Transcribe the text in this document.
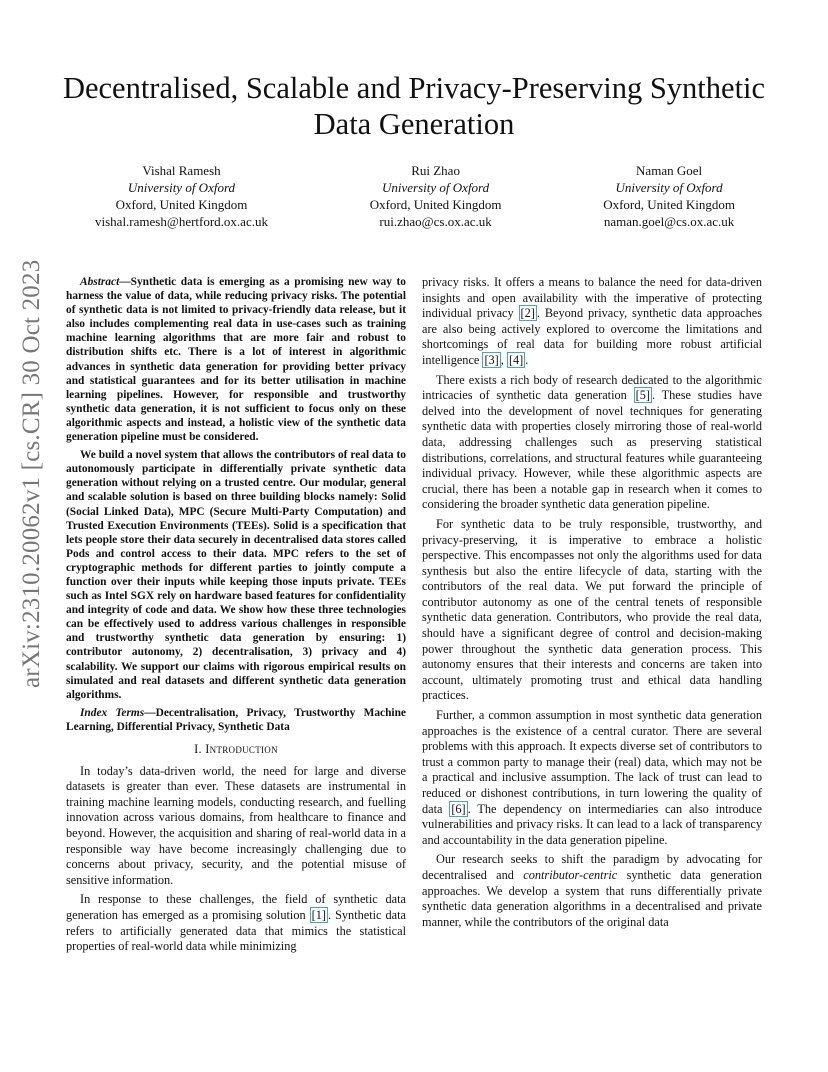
arXiv:2310.20062v1 [cs.CR] 30 Oct 2023
Decentralised, Scalable and Privacy-Preserving Synthetic Data Generation
Vishal Ramesh
University of Oxford
Oxford, United Kingdom
vishal.ramesh@hertford.ox.ac.uk
Rui Zhao
University of Oxford
Oxford, United Kingdom
rui.zhao@cs.ox.ac.uk
Naman Goel
University of Oxford
Oxford, United Kingdom
naman.goel@cs.ox.ac.uk

Abstract—Synthetic data is emerging as a promising new way to harness the value of data, while reducing privacy risks. The potential of synthetic data is not limited to privacy-friendly data release, but it also includes complementing real data in use-cases such as training machine learning algorithms that are more fair and robust to distribution shifts etc. There is a lot of interest in algorithmic advances in synthetic data generation for providing better privacy and statistical guarantees and for its better utilisation in machine learning pipelines. However, for responsible and trustworthy synthetic data generation, it is not sufficient to focus only on these algorithmic aspects and instead, a holistic view of the synthetic data generation pipeline must be considered.

We build a novel system that allows the contributors of real data to autonomously participate in differentially private synthetic data generation without relying on a trusted centre. Our modular, general and scalable solution is based on three building blocks namely: Solid (Social Linked Data), MPC (Secure Multi-Party Computation) and Trusted Execution Environments (TEEs). Solid is a specification that lets people store their data securely in decentralised data stores called Pods and control access to their data. MPC refers to the set of cryptographic methods for different parties to jointly compute a function over their inputs while keeping those inputs private. TEEs such as Intel SGX rely on hardware based features for confidentiality and integrity of code and data. We show how these three technologies can be effectively used to address various challenges in responsible and trustworthy synthetic data generation by ensuring: 1) contributor autonomy, 2) decentralisation, 3) privacy and 4) scalability. We support our claims with rigorous empirical results on simulated and real datasets and different synthetic data generation algorithms.

Index Terms—Decentralisation, Privacy, Trustworthy Machine Learning, Differential Privacy, Synthetic Data

I. Introduction

In today’s data-driven world, the need for large and diverse datasets is greater than ever. These datasets are instrumental in training machine learning models, conducting research, and fuelling innovation across various domains, from healthcare to finance and beyond. However, the acquisition and sharing of real-world data in a responsible way have become increasingly challenging due to concerns about privacy, security, and the potential misuse of sensitive information.

In response to these challenges, the field of synthetic data generation has emerged as a promising solution [1] . Synthetic data refers to artificially generated data that mimics the statistical properties of real-world data while minimizing

privacy risks. It offers a means to balance the need for data-driven insights and open availability with the imperative of protecting individual privacy [2] . Beyond privacy, synthetic data approaches are also being actively explored to overcome the limitations and shortcomings of real data for building more robust artificial intelligence [3] , [4] .

There exists a rich body of research dedicated to the algorithmic intricacies of synthetic data generation [5] . These studies have delved into the development of novel techniques for generating synthetic data with properties closely mirroring those of real-world data, addressing challenges such as preserving statistical distributions, correlations, and structural features while guaranteeing individual privacy. However, while these algorithmic aspects are crucial, there has been a notable gap in research when it comes to considering the broader synthetic data generation pipeline.

For synthetic data to be truly responsible, trustworthy, and privacy-preserving, it is imperative to embrace a holistic perspective. This encompasses not only the algorithms used for data synthesis but also the entire lifecycle of data, starting with the contributors of the real data. We put forward the principle of contributor autonomy as one of the central tenets of responsible synthetic data generation. Contributors, who provide the real data, should have a significant degree of control and decision-making power throughout the synthetic data generation process. This autonomy ensures that their interests and concerns are taken into account, ultimately promoting trust and ethical data handling practices.

Further, a common assumption in most synthetic data generation approaches is the existence of a central curator. There are several problems with this approach. It expects diverse set of contributors to trust a common party to manage their (real) data, which may not be a practical and inclusive assumption. The lack of trust can lead to reduced or dishonest contributions, in turn lowering the quality of data [6] . The dependency on intermediaries can also introduce vulnerabilities and privacy risks. It can lead to a lack of transparency and accountability in the data generation pipeline.

Our research seeks to shift the paradigm by advocating for decentralised and contributor-centric synthetic data generation approaches. We develop a system that runs differentially private synthetic data generation algorithms in a decentralised and private manner, while the contributors of the original data
